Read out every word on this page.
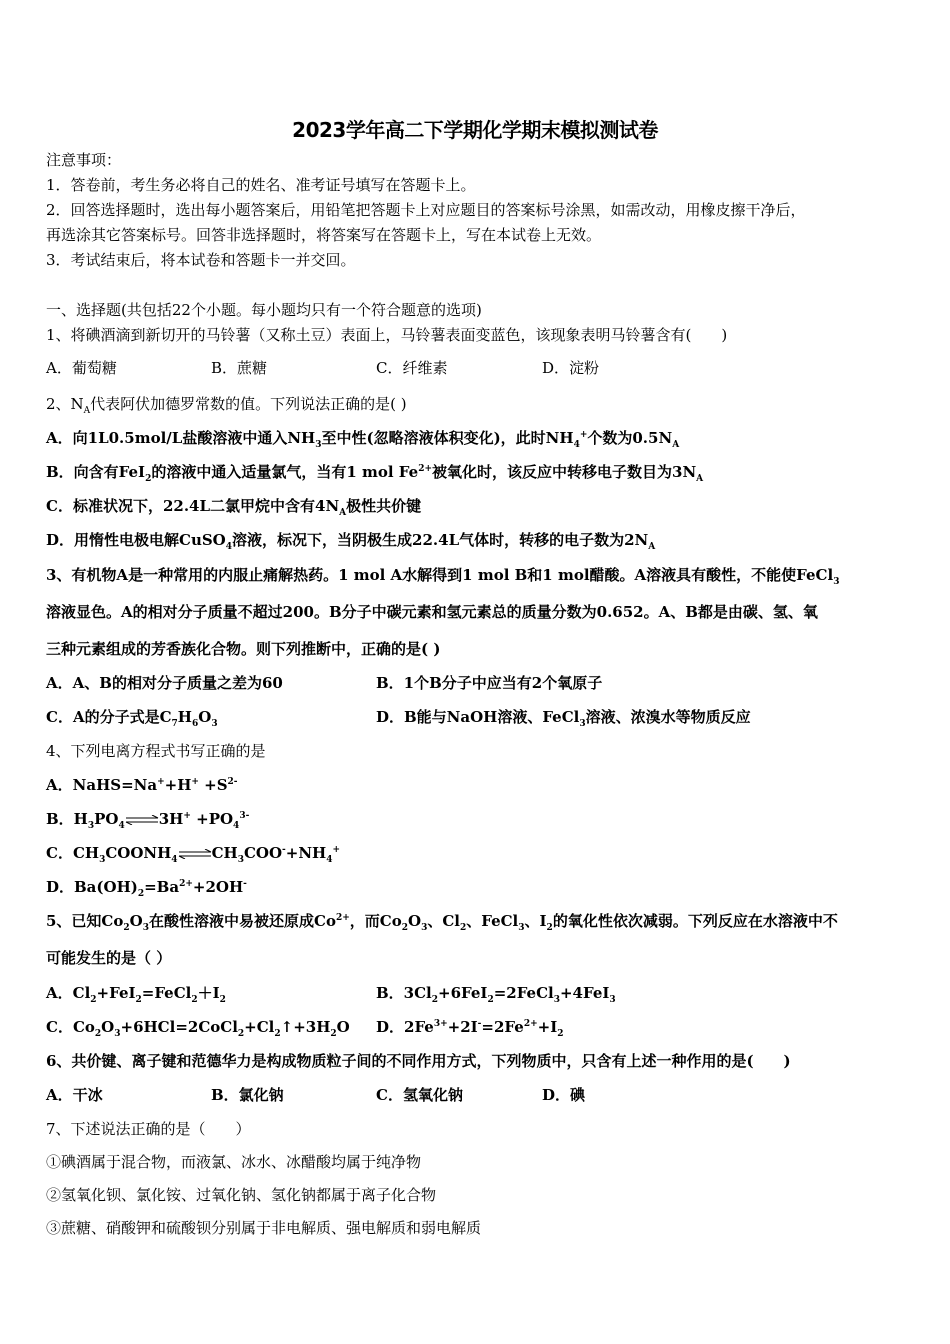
2023学年高二下学期化学期末模拟测试卷
注意事项：
1．答卷前，考生务必将自己的姓名、准考证号填写在答题卡上。
2．回答选择题时，选出每小题答案后，用铅笔把答题卡上对应题目的答案标号涂黑，如需改动，用橡皮擦干净后，
再选涂其它答案标号。回答非选择题时，将答案写在答题卡上，写在本试卷上无效。
3．考试结束后，将本试卷和答题卡一并交回。
一、选择题(共包括22个小题。每小题均只有一个符合题意的选项)
1、将碘酒滴到新切开的马铃薯（又称土豆）表面上，马铃薯表面变蓝色，该现象表明马铃薯含有(　　)
A．葡萄糖	B．蔗糖	C．纤维素	D．淀粉
2、$N_A$代表阿伏加德罗常数的值。下列说法正确的是( )
A．向1L0.5mol/L盐酸溶液中通入$NH_3$至中性(忽略溶液体积变化)，此时$NH_4^+$个数为$0.5N_A$
B．向含有FeI$_2$的溶液中通入适量氯气，当有1 mol $Fe^{2+}$被氧化时，该反应中转移电子数目为$3N_A$
C．标准状况下，22.4L二氯甲烷中含有$4N_A$极性共价键
D．用惰性电极电解CuSO$_4$溶液，标况下，当阴极生成22.4L气体时，转移的电子数为$2N_A$
3、有机物A是一种常用的内服止痛解热药。1 mol A水解得到1 mol B和1 mol醋酸。A溶液具有酸性，不能使FeCl$_3$
溶液显色。A的相对分子质量不超过200。B分子中碳元素和氢元素总的质量分数为0.652。A、B都是由碳、氢、氧
三种元素组成的芳香族化合物。则下列推断中，正确的是( )
A．A、B的相对分子质量之差为60	B．1个B分子中应当有2个氧原子
C．A的分子式是$C_7H_6O_3$	D．B能与NaOH溶液、FeCl$_3$溶液、浓溴水等物质反应
4、下列电离方程式书写正确的是
A．NaHS=Na++H+ $+S^{2-}$
B．$H_3PO_4$ ⇌3H+ $+PO_4^{3-}$
C．$CH_3COONH_4$ $\rightleftharpoons CH_3COO^-+NH_4^+$
D．$Ba(OH)_2=Ba^{2+}+2OH^-$
5、已知$Co_2O_3$在酸性溶液中易被还原成$Co^{2+}$，而$Co_2O_3$、$Cl_2$、FeCl$_3$、$I_2$的氧化性依次减弱。下列反应在水溶液中不
可能发生的是（ ）
A．$Cl_2+FeI_2=FeCl_2+I_2$	B．$3Cl_2+6FeI_2=2FeCl_3+4FeI_3$
C．$Co_2O_3+6HCl=2CoCl_2+Cl_2↑+3H_2O$ D．$2Fe^{3+}+2I^-=2Fe^{2+}+I_2$
6、共价键、离子键和范德华力是构成物质粒子间的不同作用方式，下列物质中，只含有上述一种作用的是(　　)
A．干冰	B．氯化钠	C．氢氧化钠	D．碘
7、下述说法正确的是（　　）
①碘酒属于混合物，而液氯、冰水、冰醋酸均属于纯净物
②氢氧化钡、氯化铵、过氧化钠、氢化钠都属于离子化合物
③蔗糖、硝酸钾和硫酸钡分别属于非电解质、强电解质和弱电解质
